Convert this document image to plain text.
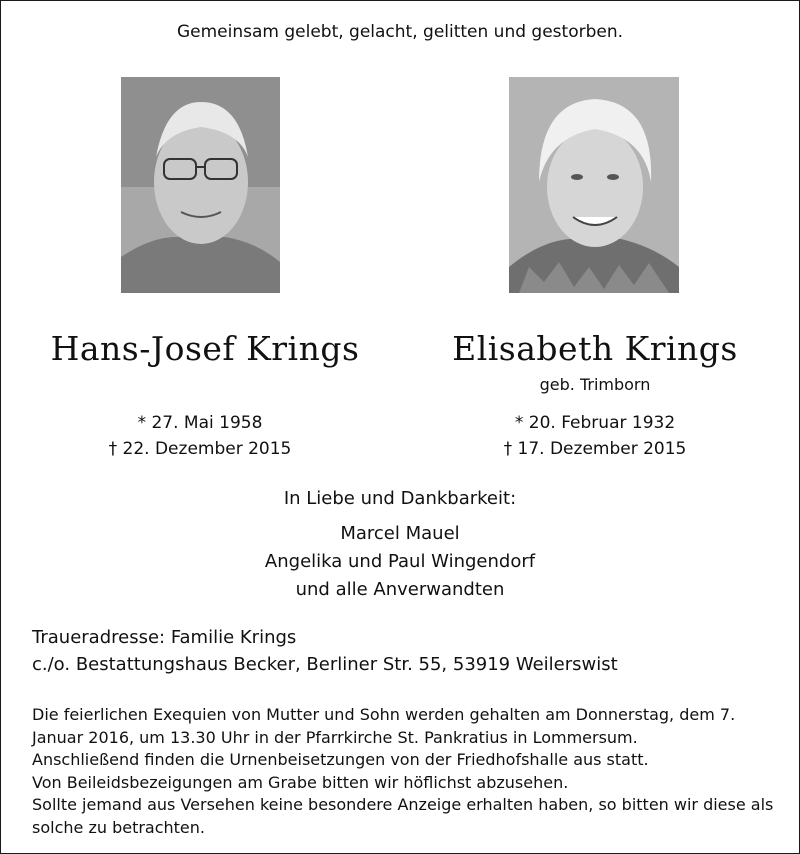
Gemeinsam gelebt, gelacht, gelitten und gestorben.
Hans-Josef Krings
* 27. Mai 1958
† 22. Dezember 2015
Elisabeth Krings
geb. Trimborn
* 20. Februar 1932
† 17. Dezember 2015
In Liebe und Dankbarkeit:
Marcel Mauel
Angelika und Paul Wingendorf
und alle Anverwandten
Traueradresse: Familie Krings
c./o. Bestattungshaus Becker, Berliner Str. 55, 53919 Weilerswist

Die feierlichen Exequien von Mutter und Sohn werden gehalten am Donnerstag, dem 7. Januar 2016, um 13.30 Uhr in der Pfarrkirche St. Pankratius in Lommersum.

Anschließend finden die Urnenbeisetzungen von der Friedhofshalle aus statt.

Von Beileidsbezeigungen am Grabe bitten wir höflichst abzusehen.

Sollte jemand aus Versehen keine besondere Anzeige erhalten haben, so bitten wir diese als solche zu betrachten.
